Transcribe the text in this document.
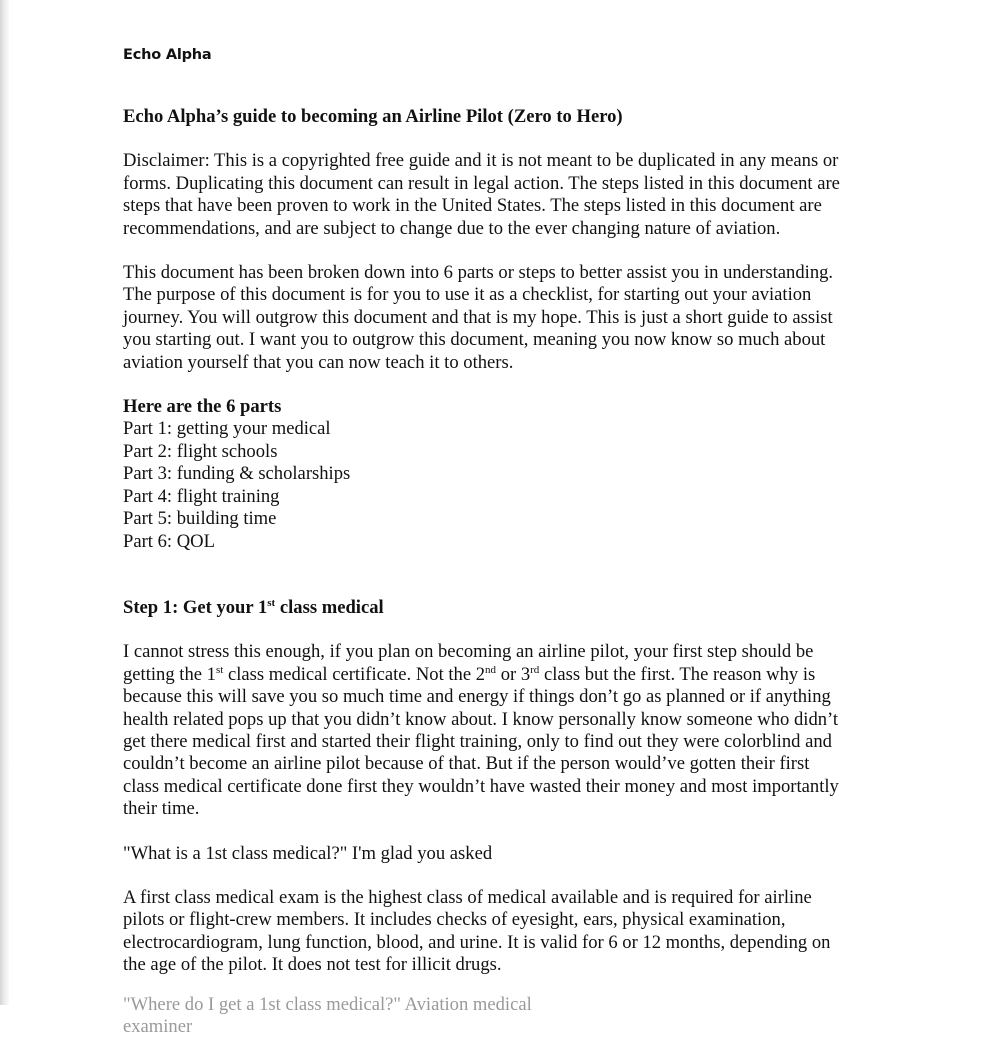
Echo Alpha

Echo Alpha’s guide to becoming an Airline Pilot (Zero to Hero)

Disclaimer: This is a copyrighted free guide and it is not meant to be duplicated in any means or

forms. Duplicating this document can result in legal action. The steps listed in this document are

steps that have been proven to work in the United States. The steps listed in this document are

recommendations, and are subject to change due to the ever changing nature of aviation.

This document has been broken down into 6 parts or steps to better assist you in understanding.

The purpose of this document is for you to use it as a checklist, for starting out your aviation

journey. You will outgrow this document and that is my hope. This is just a short guide to assist

you starting out. I want you to outgrow this document, meaning you now know so much about

aviation yourself that you can now teach it to others.

Here are the 6 parts

Part 1: getting your medical

Part 2: flight schools

Part 3: funding & scholarships

Part 4: flight training

Part 5: building time

Part 6: QOL

Step 1: Get your 1st class medical

I cannot stress this enough, if you plan on becoming an airline pilot, your first step should be

getting the 1st class medical certificate. Not the 2nd or 3rd class but the first. The reason why is

because this will save you so much time and energy if things don’t go as planned or if anything

health related pops up that you didn’t know about. I know personally know someone who didn’t

get there medical first and started their flight training, only to find out they were colorblind and

couldn’t become an airline pilot because of that. But if the person would’ve gotten their first

class medical certificate done first they wouldn’t have wasted their money and most importantly

their time.

"What is a 1st class medical?" I'm glad you asked

A first class medical exam is the highest class of medical available and is required for airline

pilots or flight-crew members. It includes checks of eyesight, ears, physical examination,

electrocardiogram, lung function, blood, and urine. It is valid for 6 or 12 months, depending on

the age of the pilot. It does not test for illicit drugs.

"Where do I get a 1st class medical?" Aviation medical examiner
